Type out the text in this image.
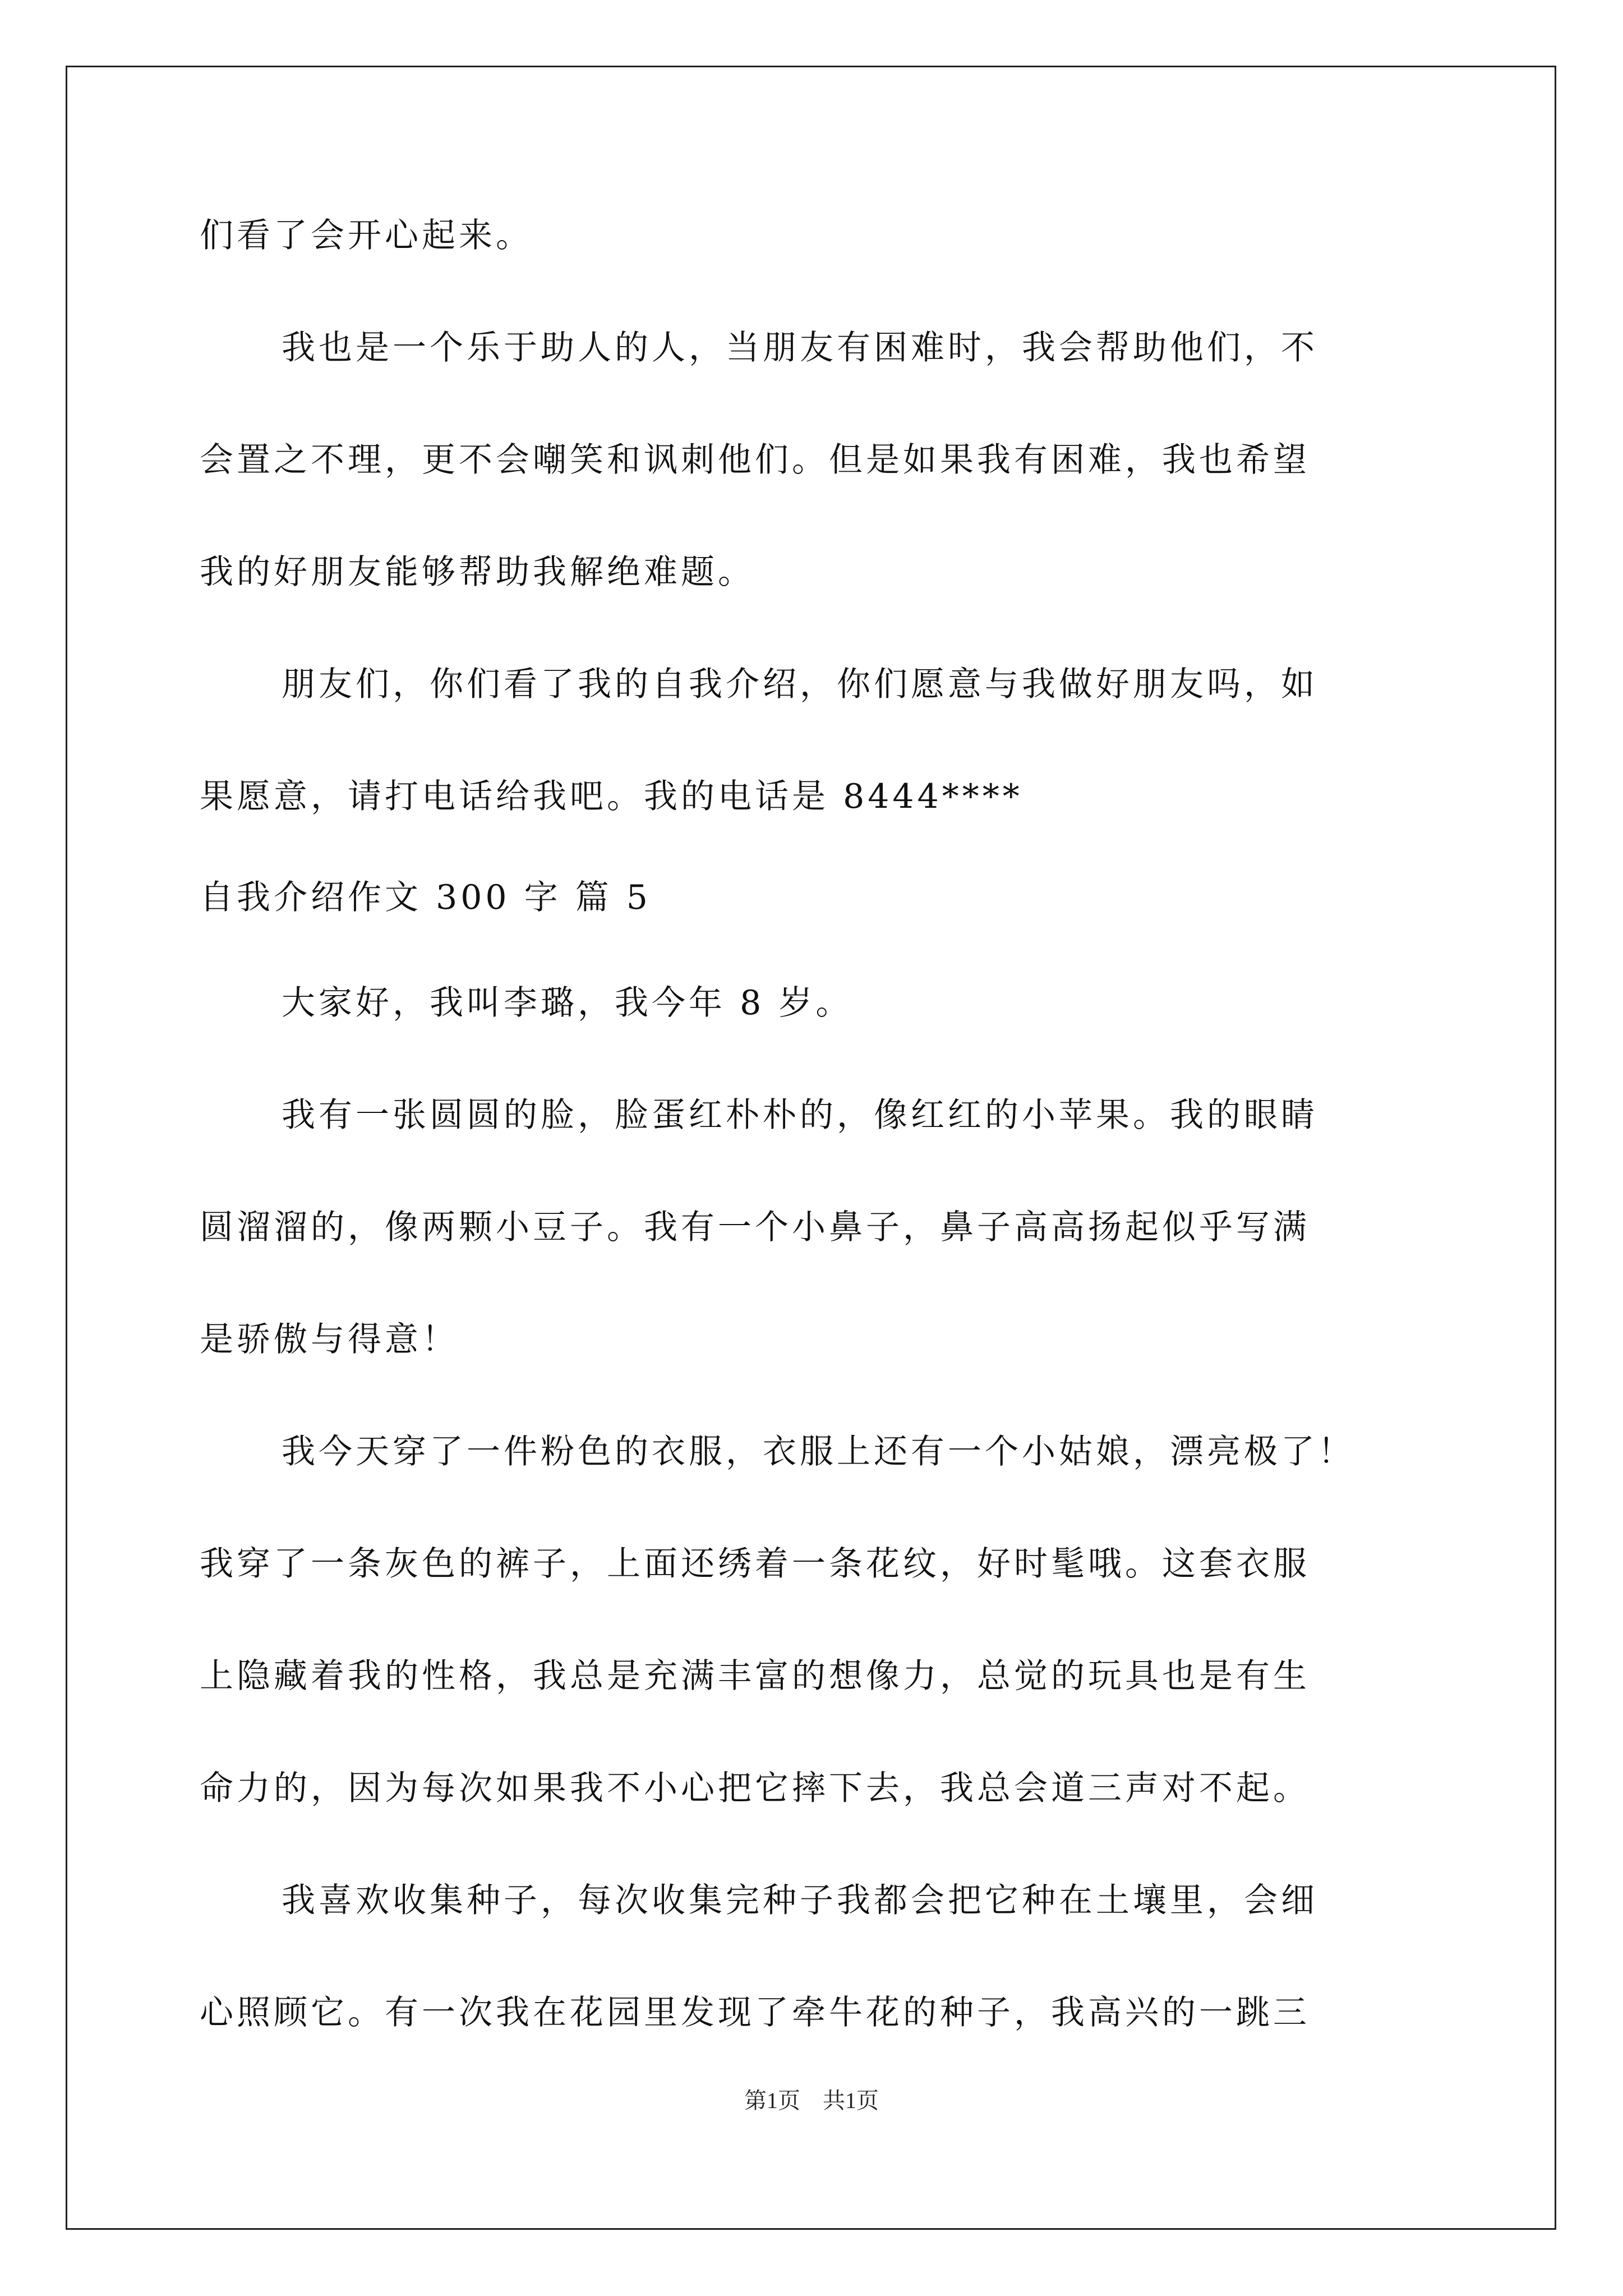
们看了会开心起来。
我也是一个乐于助人的人，当朋友有困难时，我会帮助他们，不
会置之不理，更不会嘲笑和讽刺他们。但是如果我有困难，我也希望
我的好朋友能够帮助我解绝难题。
朋友们，你们看了我的自我介绍，你们愿意与我做好朋友吗，如
果愿意，请打电话给我吧。我的电话是 8444****
自我介绍作文 300 字 篇 5
大家好，我叫李璐，我今年 8 岁。
我有一张圆圆的脸，脸蛋红朴朴的，像红红的小苹果。我的眼睛
圆溜溜的，像两颗小豆子。我有一个小鼻子，鼻子高高扬起似乎写满
是骄傲与得意！
我今天穿了一件粉色的衣服，衣服上还有一个小姑娘，漂亮极了！
我穿了一条灰色的裤子，上面还绣着一条花纹，好时髦哦。这套衣服
上隐藏着我的性格，我总是充满丰富的想像力，总觉的玩具也是有生
命力的，因为每次如果我不小心把它摔下去，我总会道三声对不起。
我喜欢收集种子，每次收集完种子我都会把它种在土壤里，会细
心照顾它。有一次我在花园里发现了牵牛花的种子，我高兴的一跳三
第1页　共1页
